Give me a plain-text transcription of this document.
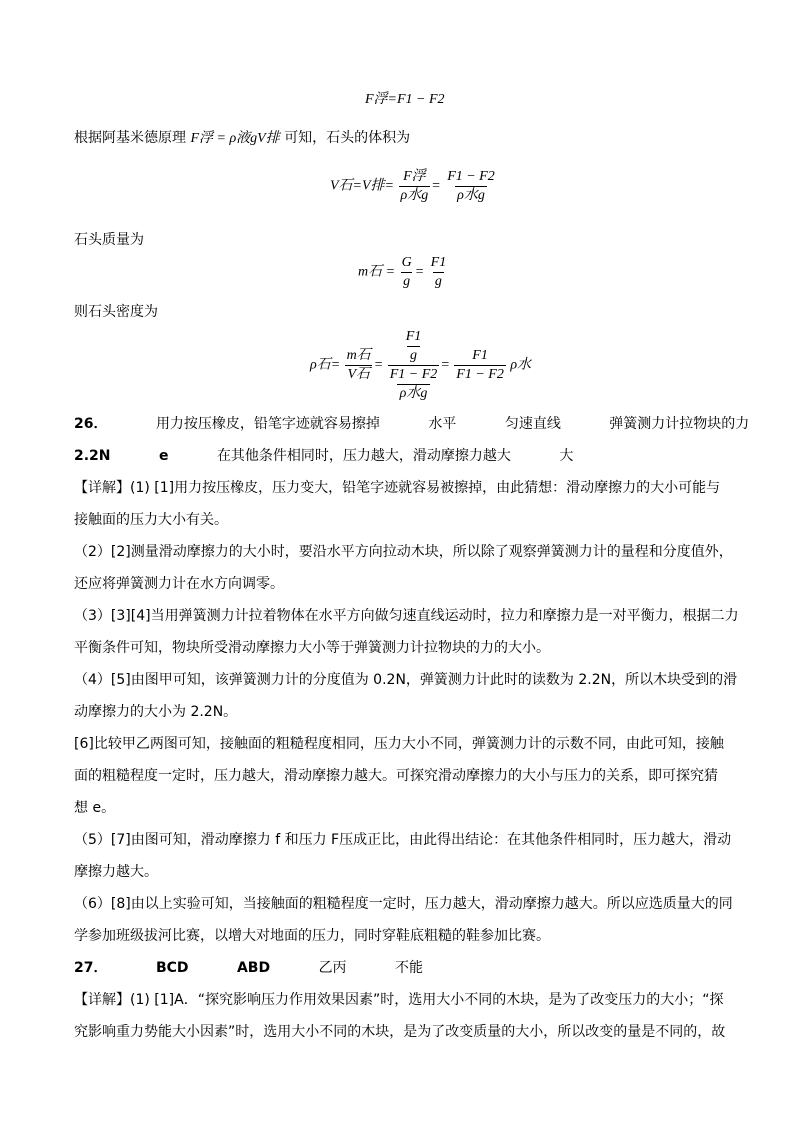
F浮=F1 − F2
根据阿基米德原理 F浮 = ρ液gV排 可知，石头的体积为
V石=V排= $\frac{\text{F浮}}{\text{ρ水g}} = \frac{F1 - F2}{\text{ρ水g}}$
石头质量为
m石 = $\frac{G}{g} = \frac{F1}{g}$
则石头密度为
ρ石= $\frac{\text{m石}}{\text{V石}} = \frac{F1}{g}$
F1 − F2
ρ水$g = \frac{F1}{F1 - F2}$ ρ水
26．	用力按压橡皮，铅笔字迹就容易擦掉	水平	匀速直线	弹簧测力计拉物块的力
2.2N	e	在其他条件相同时，压力越大，滑动摩擦力越大	大
【详解】(1) [1]用力按压橡皮，压力变大，铅笔字迹就容易被擦掉，由此猜想：滑动摩擦力的大小可能与
接触面的压力大小有关。
（2）[2]测量滑动摩擦力的大小时，要沿水平方向拉动木块，所以除了观察弹簧测力计的量程和分度值外，
还应将弹簧测力计在水方向调零。
（3）[3][4]当用弹簧测力计拉着物体在水平方向做匀速直线运动时，拉力和摩擦力是一对平衡力，根据二力
平衡条件可知，物块所受滑动摩擦力大小等于弹簧测力计拉物块的力的大小。
（4）[5]由图甲可知，该弹簧测力计的分度值为 0.2N，弹簧测力计此时的读数为 2.2N，所以木块受到的滑
动摩擦力的大小为 2.2N。
[6]比较甲乙两图可知，接触面的粗糙程度相同，压力大小不同，弹簧测力计的示数不同，由此可知，接触
面的粗糙程度一定时，压力越大，滑动摩擦力越大。可探究滑动摩擦力的大小与压力的关系，即可探究猜
想 e。
（5）[7]由图可知，滑动摩擦力 f 和压力 F压成正比，由此得出结论：在其他条件相同时，压力越大，滑动
摩擦力越大。
（6）[8]由以上实验可知，当接触面的粗糙程度一定时，压力越大，滑动摩擦力越大。所以应选质量大的同
学参加班级拔河比赛，以增大对地面的压力，同时穿鞋底粗糙的鞋参加比赛。
27．	BCD	ABD	乙丙	不能
【详解】(1) [1]A．“探究影响压力作用效果因素”时，选用大小不同的木块，是为了改变压力的大小；“探
究影响重力势能大小因素”时，选用大小不同的木块，是为了改变质量的大小，所以改变的量是不同的，故
